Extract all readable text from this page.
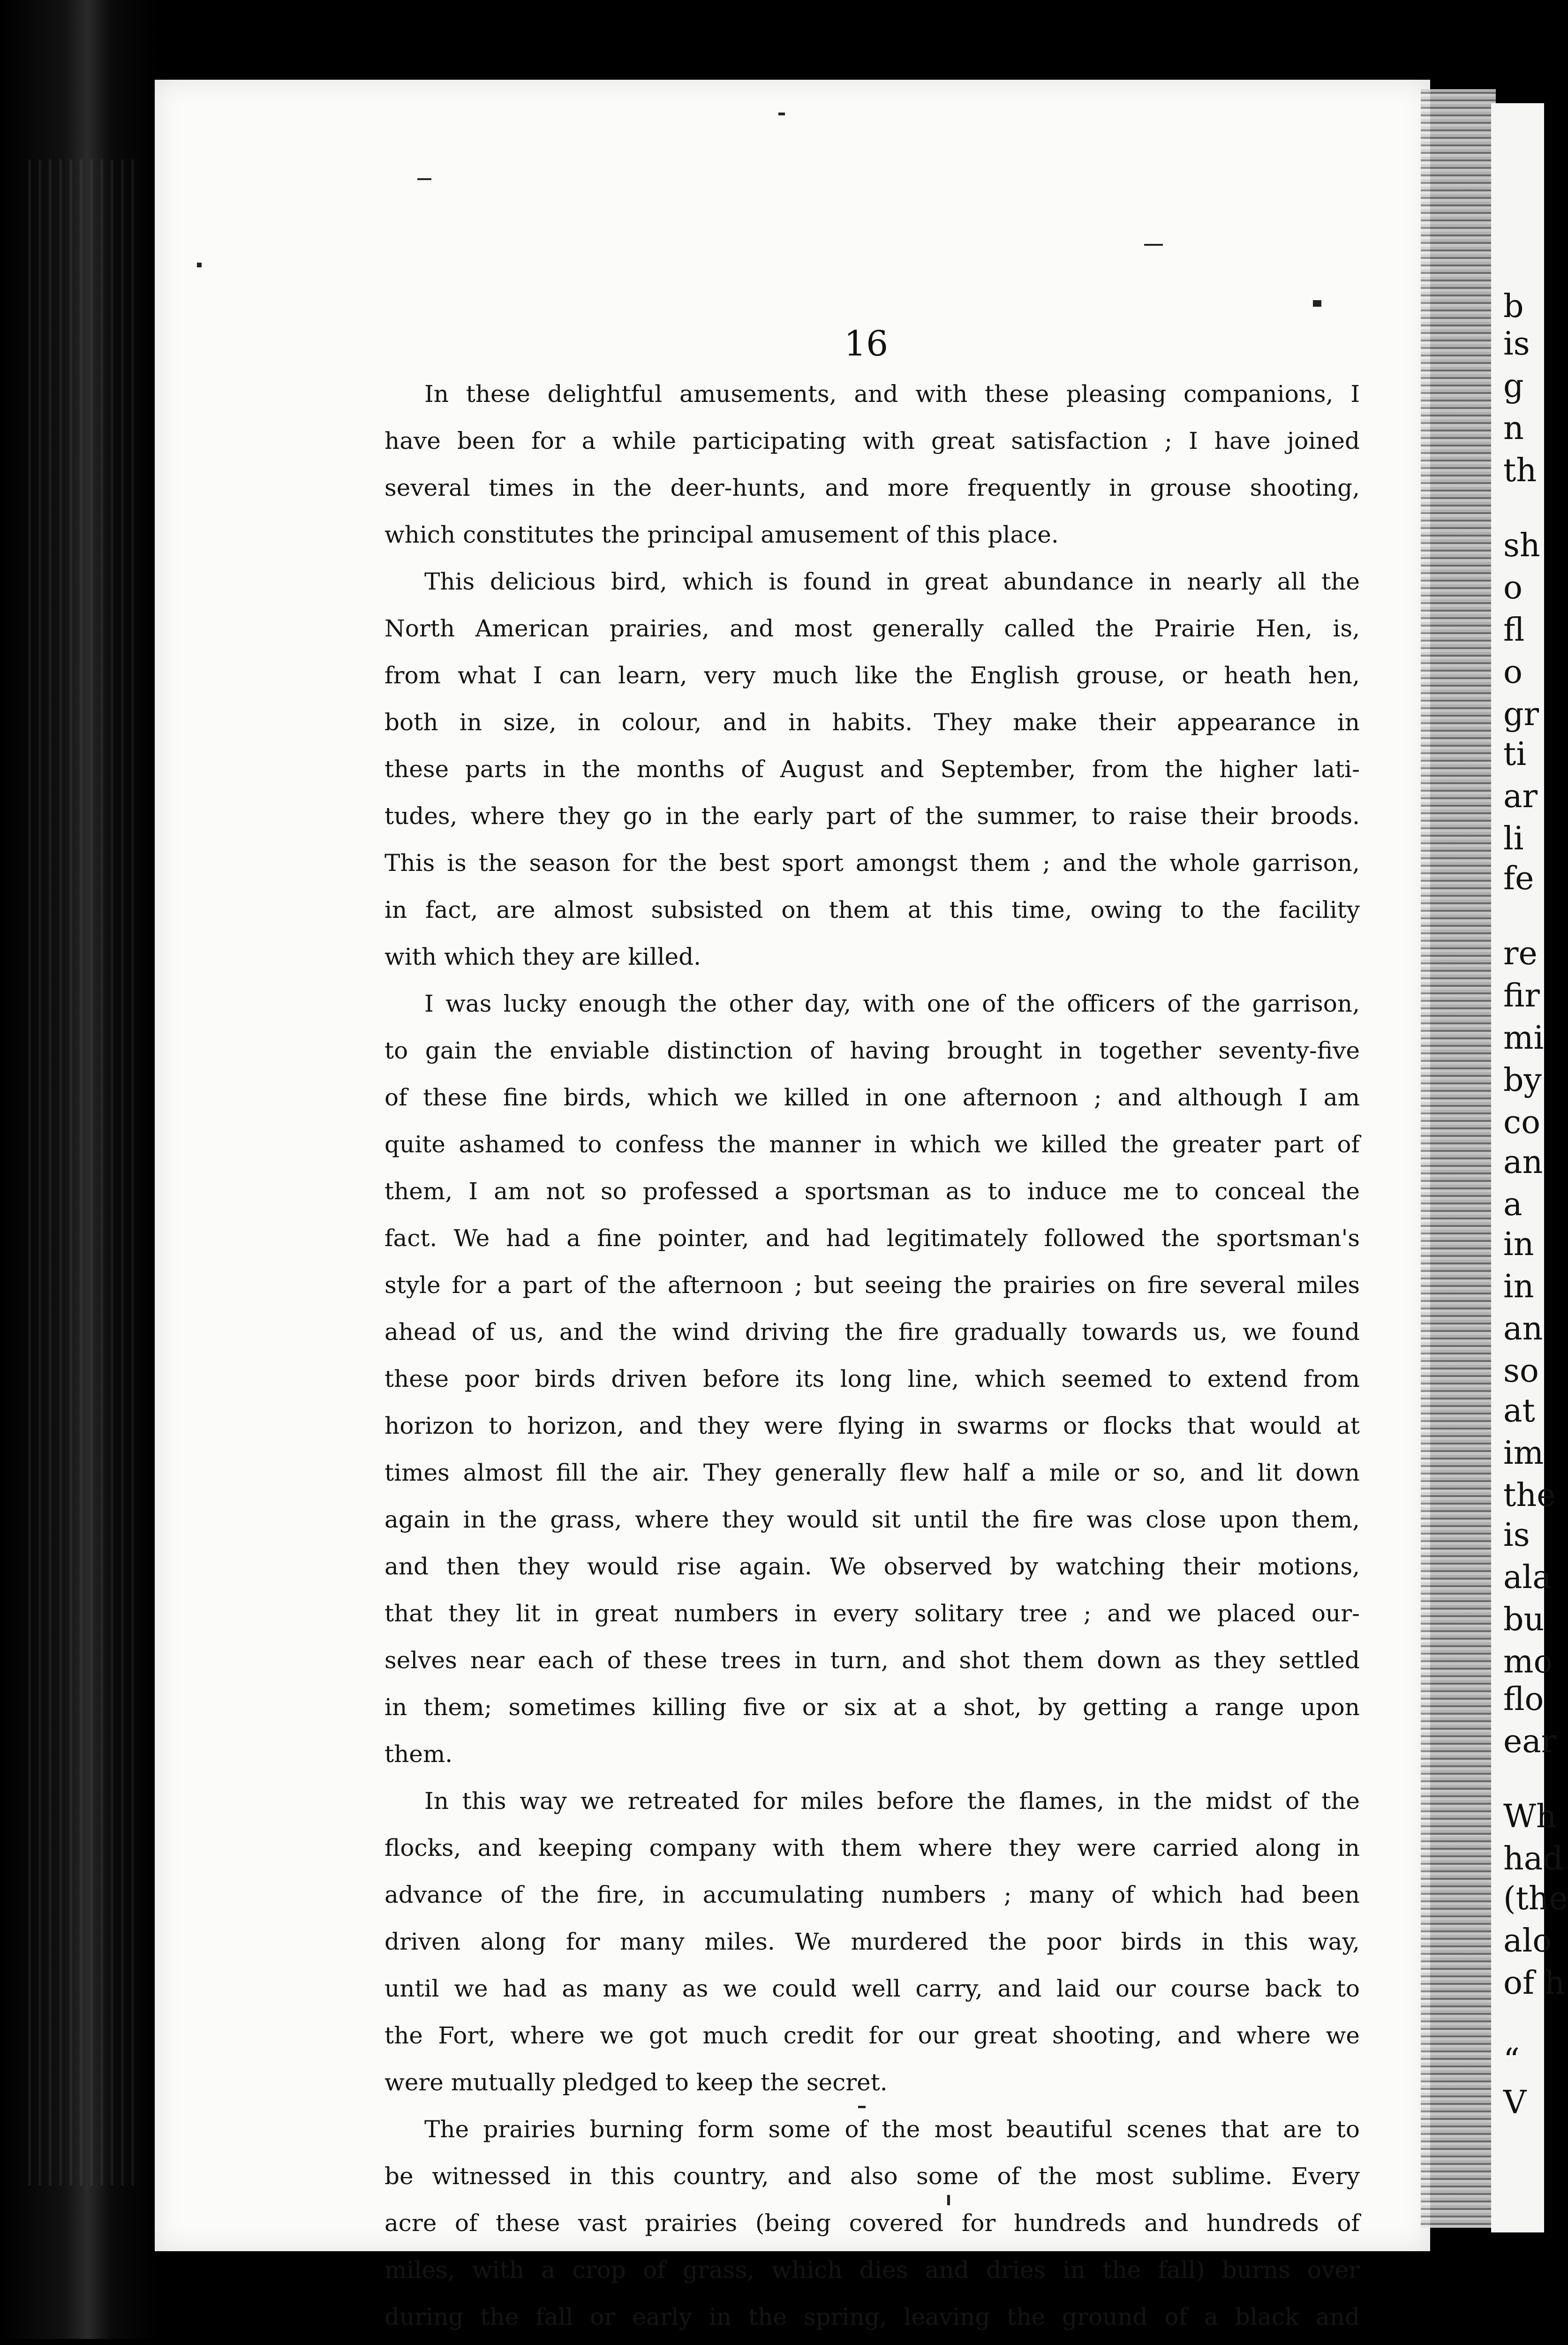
b
is
g
n
th
sh
o
fl
o
gr
ti
ar
li
fe
re
fir
mi
by
co
an
a
in
in
an
so
at
im
the
is
ala
bu
mo
flo
ear
Wh
had
(the
alo
of h
“
V
16
In these delightful amusements, and with these pleasing companions, I
have been for a while participating with great satisfaction ; I have joined
several times in the deer-hunts, and more frequently in grouse shooting,
which constitutes the principal amusement of this place.
This delicious bird, which is found in great abundance in nearly all the
North American prairies, and most generally called the Prairie Hen, is,
from what I can learn, very much like the English grouse, or heath hen,
both in size, in colour, and in habits. They make their appearance in
these parts in the months of August and September, from the higher lati-
tudes, where they go in the early part of the summer, to raise their broods.
This is the season for the best sport amongst them ; and the whole garrison,
in fact, are almost subsisted on them at this time, owing to the facility
with which they are killed.
I was lucky enough the other day, with one of the officers of the garrison,
to gain the enviable distinction of having brought in together seventy-five
of these fine birds, which we killed in one afternoon ; and although I am
quite ashamed to confess the manner in which we killed the greater part of
them, I am not so professed a sportsman as to induce me to conceal the
fact. We had a fine pointer, and had legitimately followed the sportsman's
style for a part of the afternoon ; but seeing the prairies on fire several miles
ahead of us, and the wind driving the fire gradually towards us, we found
these poor birds driven before its long line, which seemed to extend from
horizon to horizon, and they were flying in swarms or flocks that would at
times almost fill the air. They generally flew half a mile or so, and lit down
again in the grass, where they would sit until the fire was close upon them,
and then they would rise again. We observed by watching their motions,
that they lit in great numbers in every solitary tree ; and we placed our-
selves near each of these trees in turn, and shot them down as they settled
in them; sometimes killing five or six at a shot, by getting a range upon
them.
In this way we retreated for miles before the flames, in the midst of the
flocks, and keeping company with them where they were carried along in
advance of the fire, in accumulating numbers ; many of which had been
driven along for many miles. We murdered the poor birds in this way,
until we had as many as we could well carry, and laid our course back to
the Fort, where we got much credit for our great shooting, and where we
were mutually pledged to keep the secret.
The prairies burning form some of the most beautiful scenes that are to
be witnessed in this country, and also some of the most sublime. Every
acre of these vast prairies (being covered for hundreds and hundreds of
miles, with a crop of grass, which dies and dries in the fall) burns over
during the fall or early in the spring, leaving the ground of a black and
